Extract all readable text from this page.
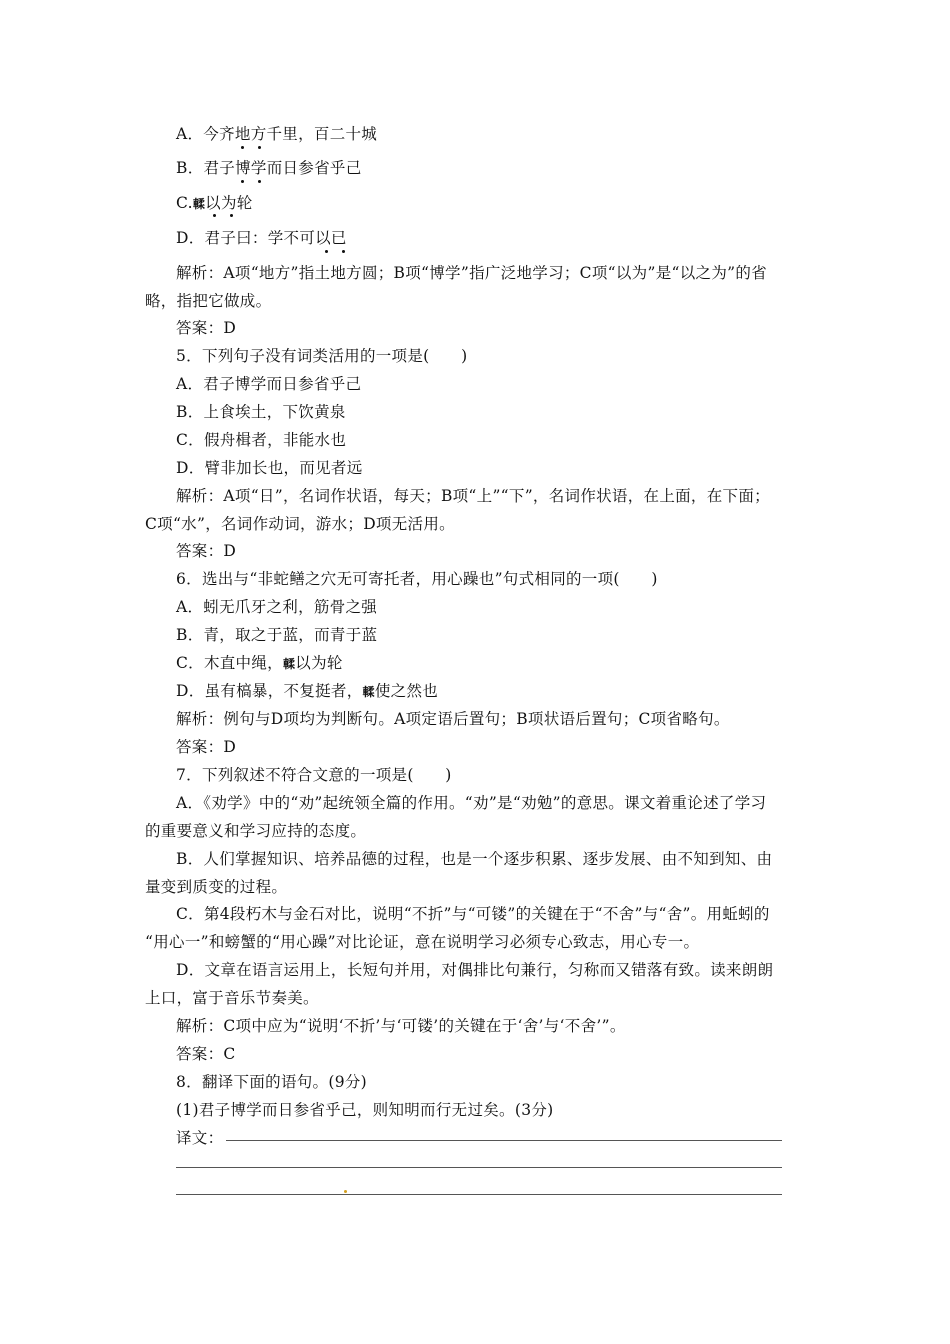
A．今齐地方千里，百二十城
B．君子博学而日参省乎己
C.輮以为轮
D．君子曰：学不可以已
解析：A项“地方”指土地方圆；B项“博学”指广泛地学习；C项“以为”是“以之为”的省
略，指把它做成。
答案：D
5．下列句子没有词类活用的一项是(　　)
A．君子博学而日参省乎己
B．上食埃土，下饮黄泉
C．假舟楫者，非能水也
D．臂非加长也，而见者远
解析：A项“日”，名词作状语，每天；B项“上”“下”，名词作状语，在上面，在下面；
C项“水”，名词作动词，游水；D项无活用。
答案：D
6．选出与“非蛇鳝之穴无可寄托者，用心躁也”句式相同的一项(　　)
A．蚓无爪牙之利，筋骨之强
B．青，取之于蓝，而青于蓝
C．木直中绳，輮以为轮
D．虽有槁暴，不复挺者，輮使之然也
解析：例句与D项均为判断句。A项定语后置句；B项状语后置句；C项省略句。
答案：D
7．下列叙述不符合文意的一项是(　　)
A．《劝学》中的“劝”起统领全篇的作用。“劝”是“劝勉”的意思。课文着重论述了学习
的重要意义和学习应持的态度。
B．人们掌握知识、培养品德的过程，也是一个逐步积累、逐步发展、由不知到知、由
量变到质变的过程。
C．第4段朽木与金石对比，说明“不折”与“可镂”的关键在于“不舍”与“舍”。用蚯蚓的
“用心一”和螃蟹的“用心躁”对比论证，意在说明学习必须专心致志，用心专一。
D．文章在语言运用上，长短句并用，对偶排比句兼行，匀称而又错落有致。读来朗朗
上口，富于音乐节奏美。
解析：C项中应为“说明‘不折’与‘可镂’的关键在于‘舍’与‘不舍’”。
答案：C
8．翻译下面的语句。(9分)
(1)君子博学而日参省乎己，则知明而行无过矣。(3分)
译文：
